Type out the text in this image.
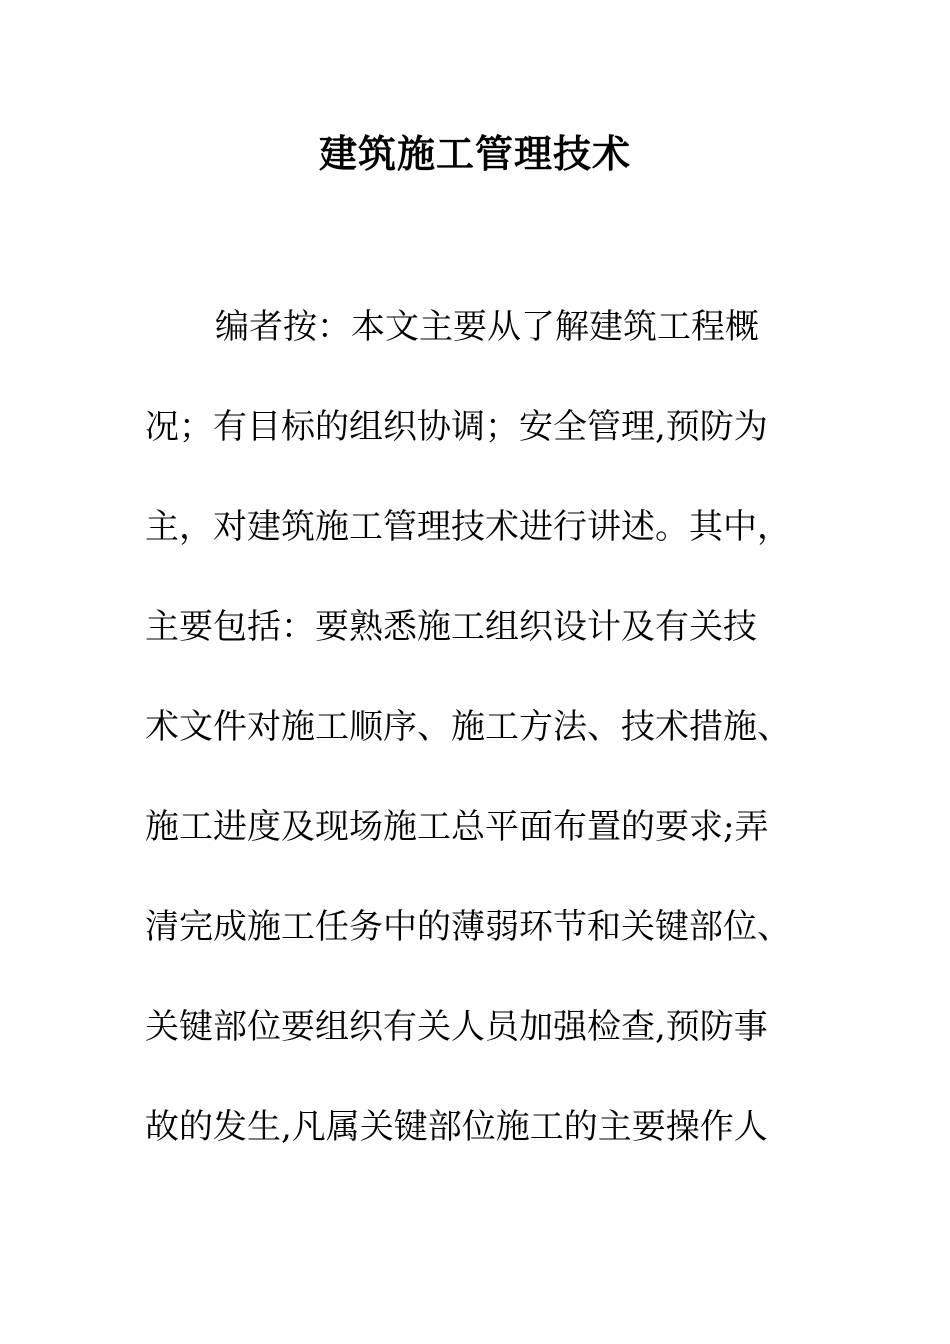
建筑施工管理技术
编者按：本文主要从了解建筑工程概
况；有目标的组织协调；安全管理,预防为
主，对建筑施工管理技术进行讲述。其中，
主要包括：要熟悉施工组织设计及有关技
术文件对施工顺序、施工方法、技术措施、
施工进度及现场施工总平面布置的要求;弄
清完成施工任务中的薄弱环节和关键部位、
关键部位要组织有关人员加强检查,预防事
故的发生,凡属关键部位施工的主要操作人
